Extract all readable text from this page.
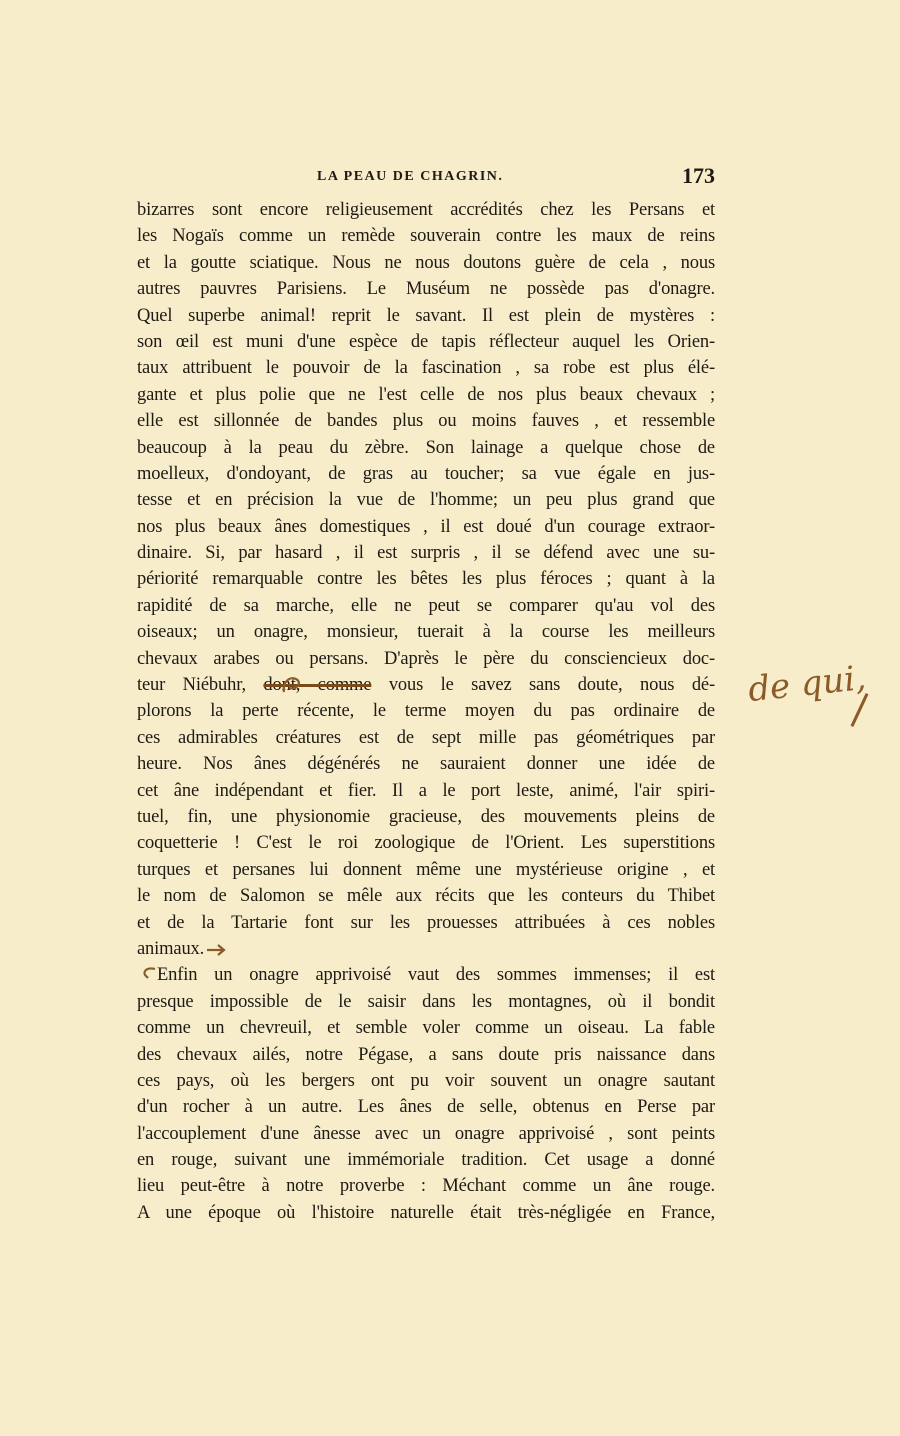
LA PEAU DE CHAGRIN.	173
bizarres sont encore religieusement accrédités chez les Persans et
les Nogaïs comme un remède souverain contre les maux de reins
et la goutte sciatique. Nous ne nous doutons guère de cela , nous
autres pauvres Parisiens. Le Muséum ne possède pas d'onagre.
Quel superbe animal! reprit le savant. Il est plein de mystères :
son œil est muni d'une espèce de tapis réflecteur auquel les Orien-
taux attribuent le pouvoir de la fascination , sa robe est plus élé-
gante et plus polie que ne l'est celle de nos plus beaux chevaux ;
elle est sillonnée de bandes plus ou moins fauves , et ressemble
beaucoup à la peau du zèbre. Son lainage a quelque chose de
moelleux, d'ondoyant, de gras au toucher; sa vue égale en jus-
tesse et en précision la vue de l'homme; un peu plus grand que
nos plus beaux ânes domestiques , il est doué d'un courage extraor-
dinaire. Si, par hasard , il est surpris , il se défend avec une su-
périorité remarquable contre les bêtes les plus féroces ; quant à la
rapidité de sa marche, elle ne peut se comparer qu'au vol des
oiseaux; un onagre, monsieur, tuerait à la course les meilleurs
chevaux arabes ou persans. D'après le père du consciencieux doc-
teur Niébuhr, dont, comme vous le savez sans doute, nous dé-
plorons la perte récente, le terme moyen du pas ordinaire de
ces admirables créatures est de sept mille pas géométriques par
heure. Nos ânes dégénérés ne sauraient donner une idée de
cet âne indépendant et fier. Il a le port leste, animé, l'air spiri-
tuel, fin, une physionomie gracieuse, des mouvements pleins de
coquetterie ! C'est le roi zoologique de l'Orient. Les superstitions
turques et persanes lui donnent même une mystérieuse origine , et
le nom de Salomon se mêle aux récits que les conteurs du Thibet
et de la Tartarie font sur les prouesses attribuées à ces nobles
animaux.
Enfin un onagre apprivoisé vaut des sommes immenses; il est
presque impossible de le saisir dans les montagnes, où il bondit
comme un chevreuil, et semble voler comme un oiseau. La fable
des chevaux ailés, notre Pégase, a sans doute pris naissance dans
ces pays, où les bergers ont pu voir souvent un onagre sautant
d'un rocher à un autre. Les ânes de selle, obtenus en Perse par
l'accouplement d'une ânesse avec un onagre apprivoisé , sont peints
en rouge, suivant une immémoriale tradition. Cet usage a donné
lieu peut-être à notre proverbe : Méchant comme un âne rouge.
A une époque où l'histoire naturelle était très-négligée en France,
de qui,
